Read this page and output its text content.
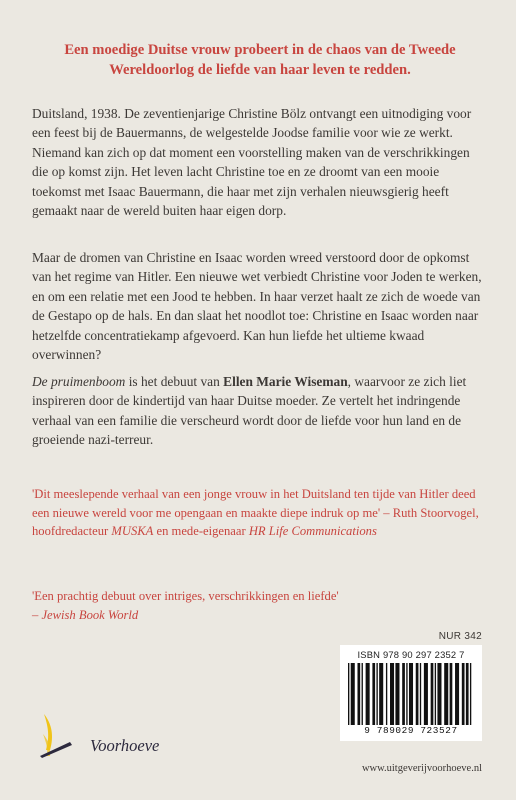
Een moedige Duitse vrouw probeert in de chaos van de Tweede Wereldoorlog de liefde van haar leven te redden.

Duitsland, 1938. De zeventienjarige Christine Bölz ontvangt een uitnodiging voor een feest bij de Bauermanns, de welgestelde Joodse familie voor wie ze werkt. Niemand kan zich op dat moment een voorstelling maken van de verschrikkingen die op komst zijn. Het leven lacht Christine toe en ze droomt van een mooie toekomst met Isaac Bauermann, die haar met zijn verhalen nieuwsgierig heeft gemaakt naar de wereld buiten haar eigen dorp.

Maar de dromen van Christine en Isaac worden wreed verstoord door de opkomst van het regime van Hitler. Een nieuwe wet verbiedt Christine voor Joden te werken, en om een relatie met een Jood te hebben. In haar verzet haalt ze zich de woede van de Gestapo op de hals. En dan slaat het noodlot toe: Christine en Isaac worden naar hetzelfde concentratiekamp afgevoerd. Kan hun liefde het ultieme kwaad overwinnen?

De pruimenboom is het debuut van Ellen Marie Wiseman, waarvoor ze zich liet inspireren door de kindertijd van haar Duitse moeder. Ze vertelt het indringende verhaal van een familie die verscheurd wordt door de liefde voor hun land en de groeiende nazi-terreur.

'Dit meeslepende verhaal van een jonge vrouw in het Duitsland ten tijde van Hitler deed een nieuwe wereld voor me opengaan en maakte diepe indruk op me' – Ruth Stoorvogel, hoofdredacteur MUSKA en mede-eigenaar HR Life Communications

'Een prachtig debuut over intriges, verschrikkingen en liefde'
– Jewish Book World

NUR 342
ISBN 978 90 297 2352 7
9 789029 723527
Voorhoeve
www.uitgeverijvoorhoeve.nl
